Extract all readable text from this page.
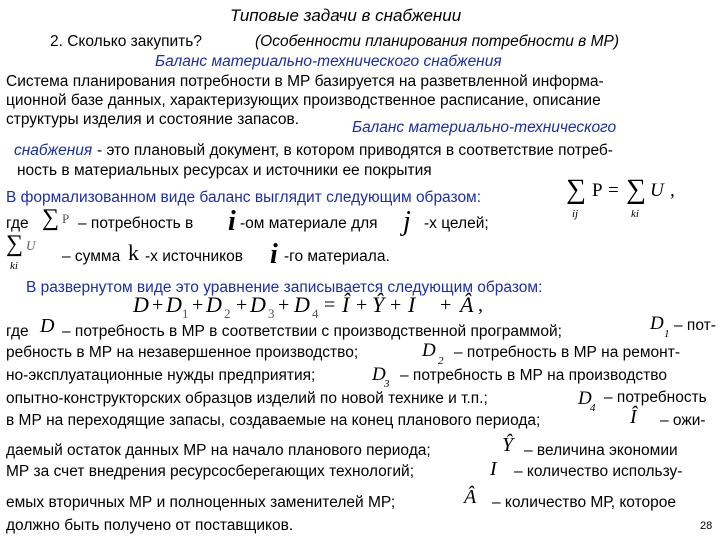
Типовые задачи в снабжении
2. Сколько закупить?	(Особенности планирования потребности в МР)
Баланс материально-технического снабжения
Система планирования потребности в МР базируется на разветвленной информа-
ционной базе данных, характеризующих производственное расписание, описание
структуры изделия и состояние запасов.	Баланс материально-технического
снабжения - это плановый документ, в котором приводятся в соответствие потреб-
ность в материальных ресурсах и источники ее покрытия
В формализованном виде баланс выглядит следующим образом:	∑ P = ∑ U ,
ij	ki
где ∑ P – потребность в i -ом материале для j -х целей;
∑ U
ki
– сумма k -х источников i -го материала.
В развернутом виде это уравнение записывается следующим образом:
D + D 1 + D 2 + D 3 + D 4 = Î + Ŷ + I + Â ,
где D – потребность в МР в соответствии с производственной программой;	D 1 – пот-
ребность в МР на незавершенное производство;	D 2 – потребность в МР на ремонт-
но-эксплуатационные нужды предприятия;	D
3 – потребность в МР на производство
опытно-конструкторских образцов изделий по новой технике и т.п.;	D
4
– потребность
в МР на переходящие запасы, создаваемые на конец планового периода;	Î – ожи-
даемый остаток данных МР на начало планового периода;	Ŷ – величина экономии
МР за счет внедрения ресурсосберегающих технологий;	I – количество использу-
емых вторичных МР и полноценных заменителей МР;	Â – количество МР, которое
должно быть получено от поставщиков.	28
